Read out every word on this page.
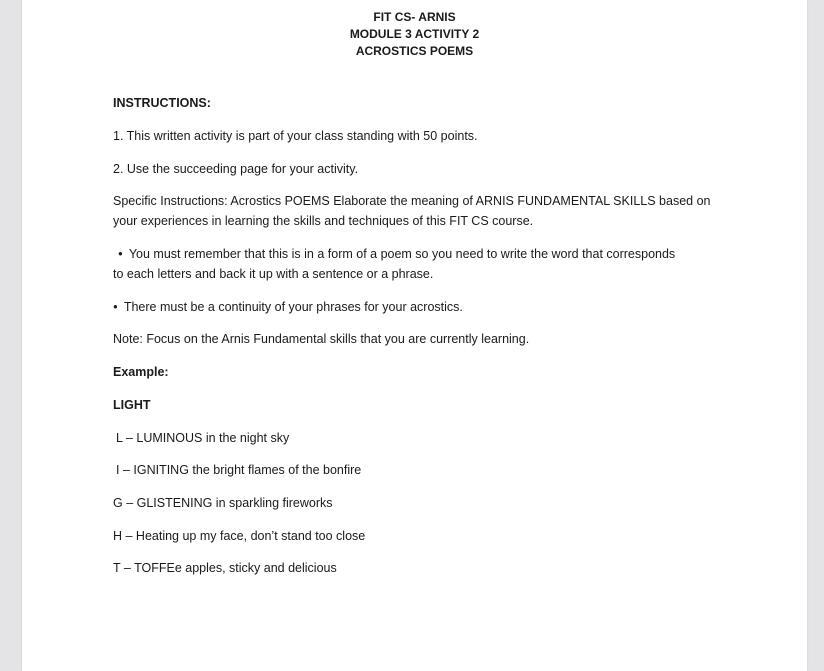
FIT CS- ARNIS
MODULE 3 ACTIVITY 2
ACROSTICS POEMS
INSTRUCTIONS:
1. This written activity is part of your class standing with 50 points.
2. Use the succeeding page for your activity.
Specific Instructions: Acrostics POEMS Elaborate the meaning of ARNIS FUNDAMENTAL SKILLS based on
your experiences in learning the skills and techniques of this FIT CS course.
● You must remember that this is in a form of a poem so you need to write the word that corresponds
to each letters and back it up with a sentence or a phrase.
● There must be a continuity of your phrases for your acrostics.
Note: Focus on the Arnis Fundamental skills that you are currently learning.
Example:
LIGHT
L – LUMINOUS in the night sky
I – IGNITING the bright flames of the bonfire
G – GLISTENING in sparkling fireworks
H – Heating up my face, don’t stand too close
T – TOFFEe apples, sticky and delicious
